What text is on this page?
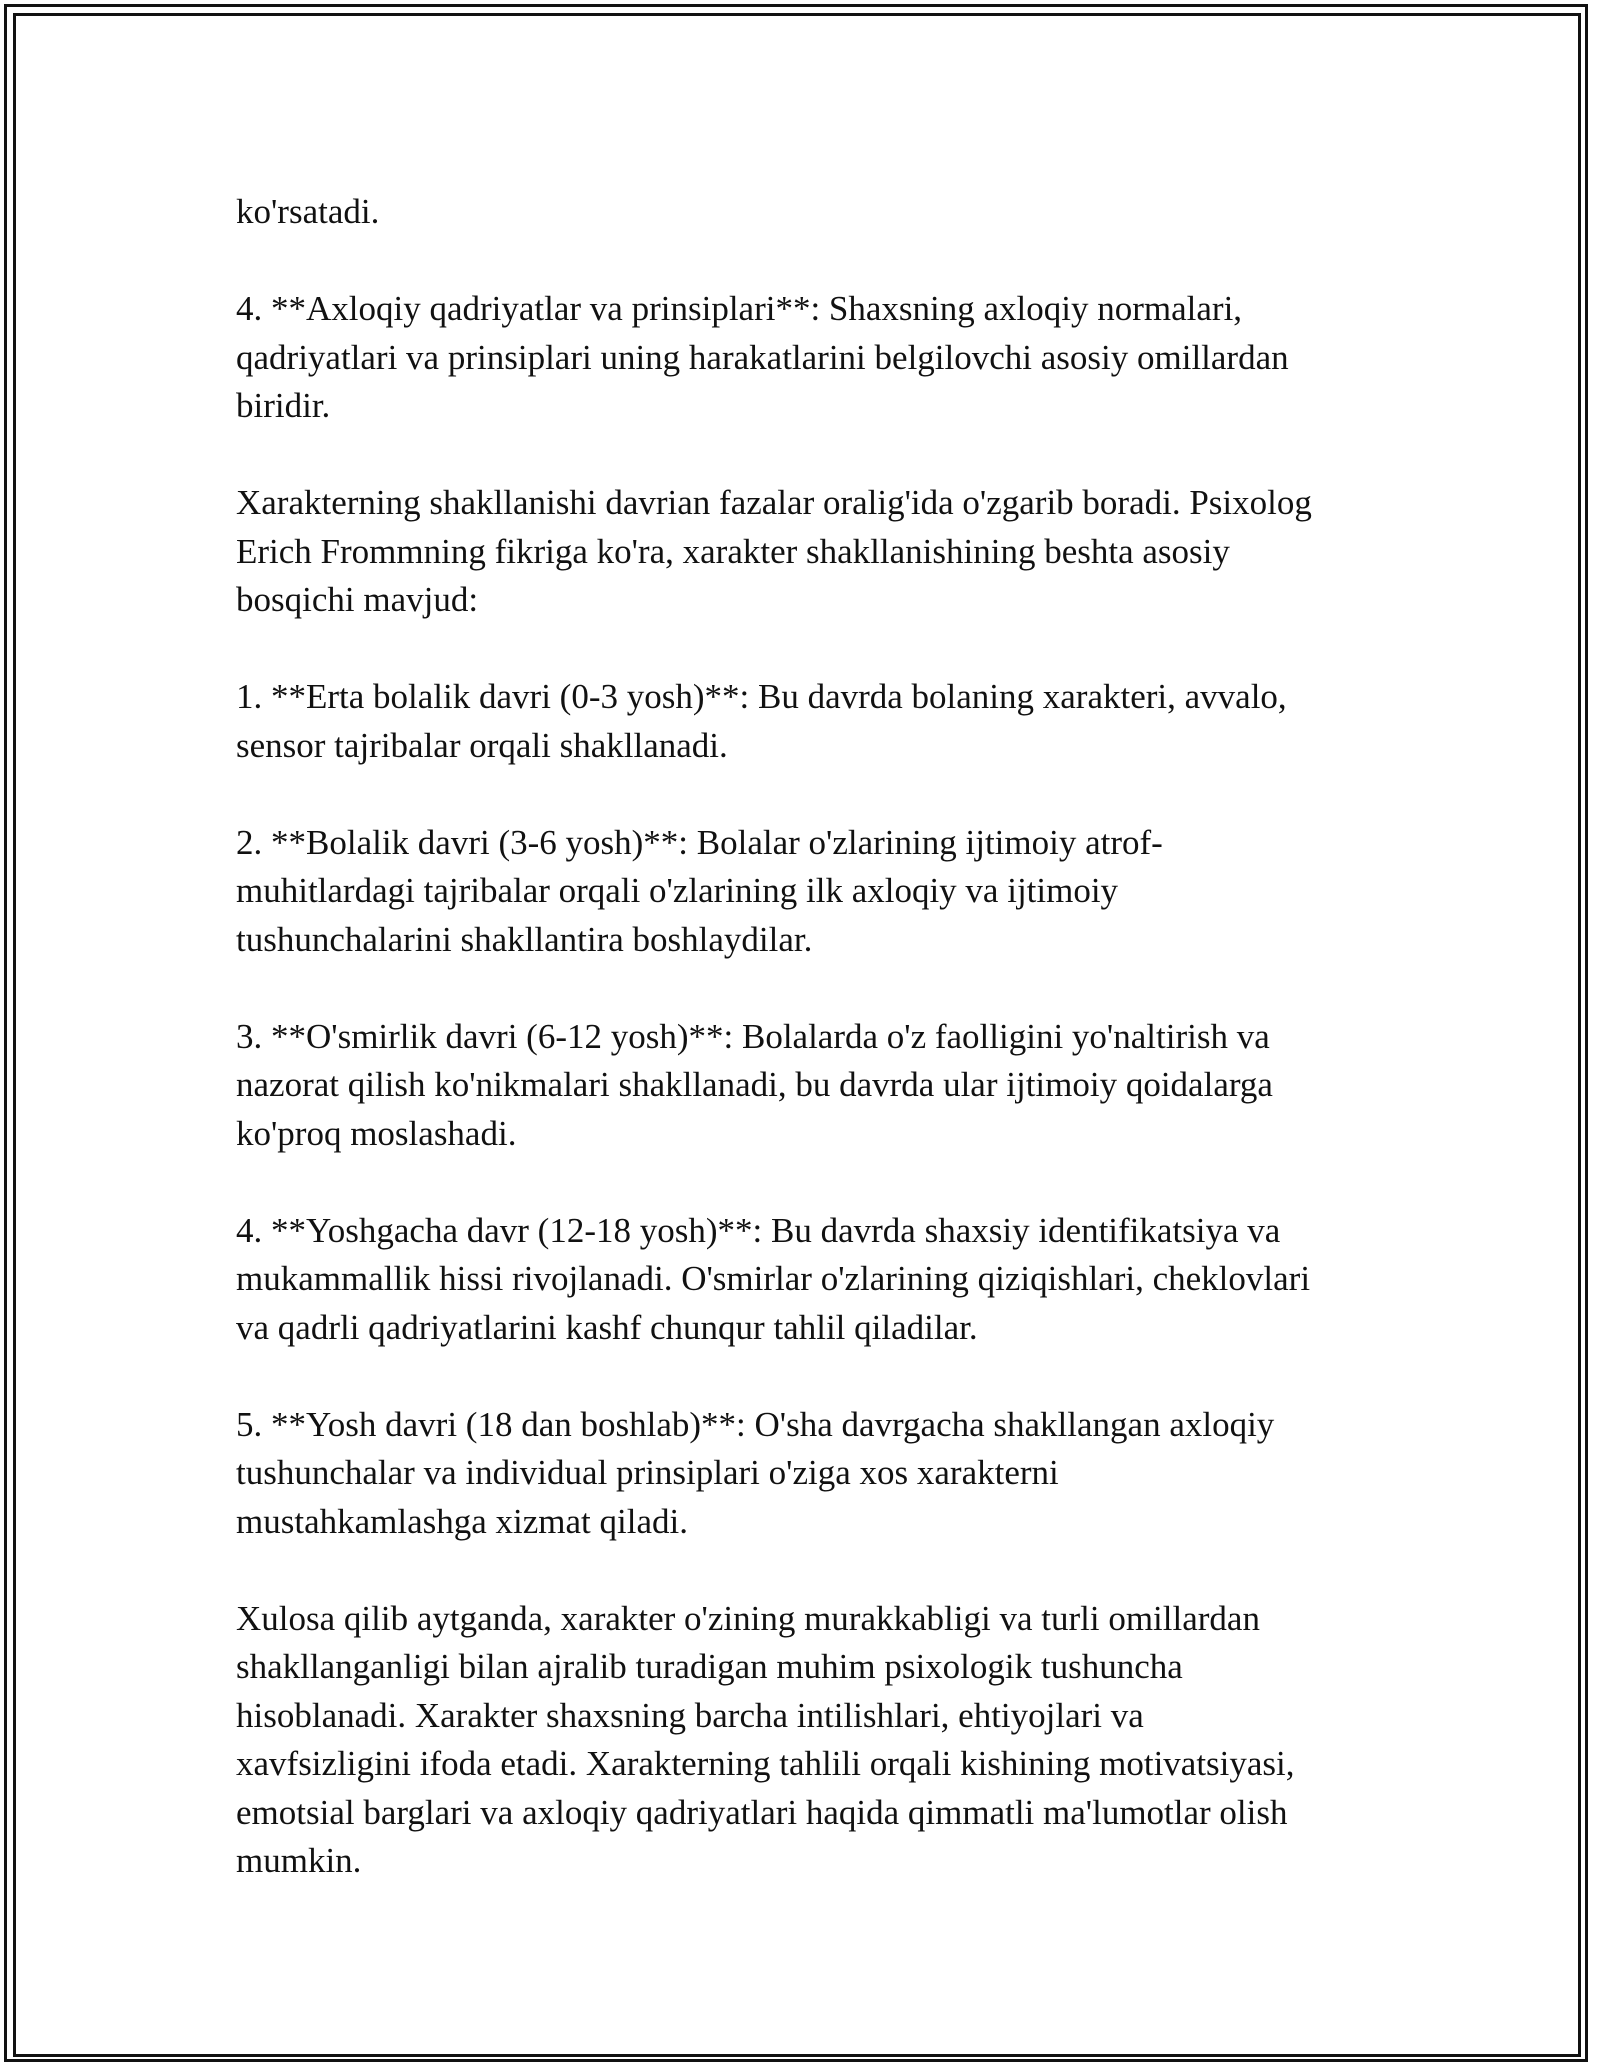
ko'rsatadi.

4. **Axloqiy qadriyatlar va prinsiplari**: Shaxsning axloqiy normalari,
qadriyatlari va prinsiplari uning harakatlarini belgilovchi asosiy omillardan
biridir.

Xarakterning shakllanishi davrian fazalar oralig'ida o'zgarib boradi. Psixolog
Erich Frommning fikriga ko'ra, xarakter shakllanishining beshta asosiy
bosqichi mavjud:

1. **Erta bolalik davri (0-3 yosh)**: Bu davrda bolaning xarakteri, avvalo,
sensor tajribalar orqali shakllanadi.

2. **Bolalik davri (3-6 yosh)**: Bolalar o'zlarining ijtimoiy atrof-
muhitlardagi tajribalar orqali o'zlarining ilk axloqiy va ijtimoiy
tushunchalarini shakllantira boshlaydilar.

3. **O'smirlik davri (6-12 yosh)**: Bolalarda o'z faolligini yo'naltirish va
nazorat qilish ko'nikmalari shakllanadi, bu davrda ular ijtimoiy qoidalarga
ko'proq moslashadi.

4. **Yoshgacha davr (12-18 yosh)**: Bu davrda shaxsiy identifikatsiya va
mukammallik hissi rivojlanadi. O'smirlar o'zlarining qiziqishlari, cheklovlari
va qadrli qadriyatlarini kashf chunqur tahlil qiladilar.

5. **Yosh davri (18 dan boshlab)**: O'sha davrgacha shakllangan axloqiy
tushunchalar va individual prinsiplari o'ziga xos xarakterni
mustahkamlashga xizmat qiladi.

Xulosa qilib aytganda, xarakter o'zining murakkabligi va turli omillardan
shakllanganligi bilan ajralib turadigan muhim psixologik tushuncha
hisoblanadi. Xarakter shaxsning barcha intilishlari, ehtiyojlari va
xavfsizligini ifoda etadi. Xarakterning tahlili orqali kishining motivatsiyasi,
emotsial barglari va axloqiy qadriyatlari haqida qimmatli ma'lumotlar olish
mumkin.
